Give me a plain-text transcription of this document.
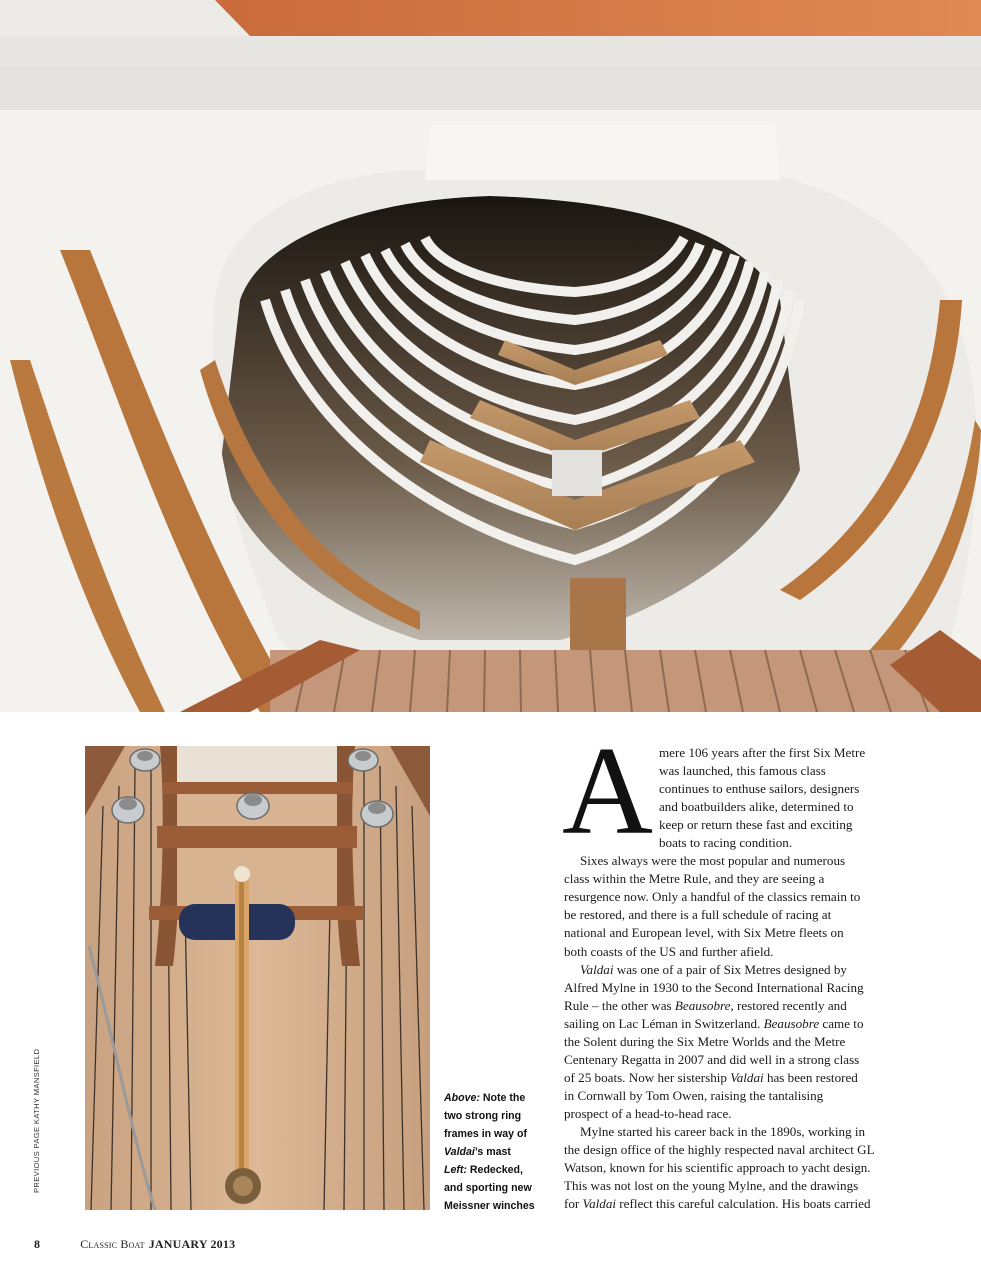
PREVIOUS PAGE KATHY MANSFIELD	Above: Note the two strong ring frames in way of Valdai’s mast

Left: Redecked, and sporting new Meissner winches

A mere 106 years after the first Six Metre
was launched, this famous class
continues to enthuse sailors, designers
and boatbuilders alike, determined to
keep or return these fast and exciting
boats to racing condition.

Sixes always were the most popular and numerous
class within the Metre Rule, and they are seeing a
resurgence now. Only a handful of the classics remain to
be restored, and there is a full schedule of racing at
national and European level, with Six Metre fleets on
both coasts of the US and further afield.

Valdai was one of a pair of Six Metres designed by
Alfred Mylne in 1930 to the Second International Racing
Rule – the other was Beausobre, restored recently and
sailing on Lac Léman in Switzerland. Beausobre came to
the Solent during the Six Metre Worlds and the Metre
Centenary Regatta in 2007 and did well in a strong class
of 25 boats. Now her sistership Valdai has been restored
in Cornwall by Tom Owen, raising the tantalising
prospect of a head-to-head race.

Mylne started his career back in the 1890s, working in
the design office of the highly respected naval architect GL
Watson, known for his scientific approach to yacht design.
This was not lost on the young Mylne, and the drawings
for Valdai reflect this careful calculation. His boats carried

8	Classic Boat JANUARY 2013
